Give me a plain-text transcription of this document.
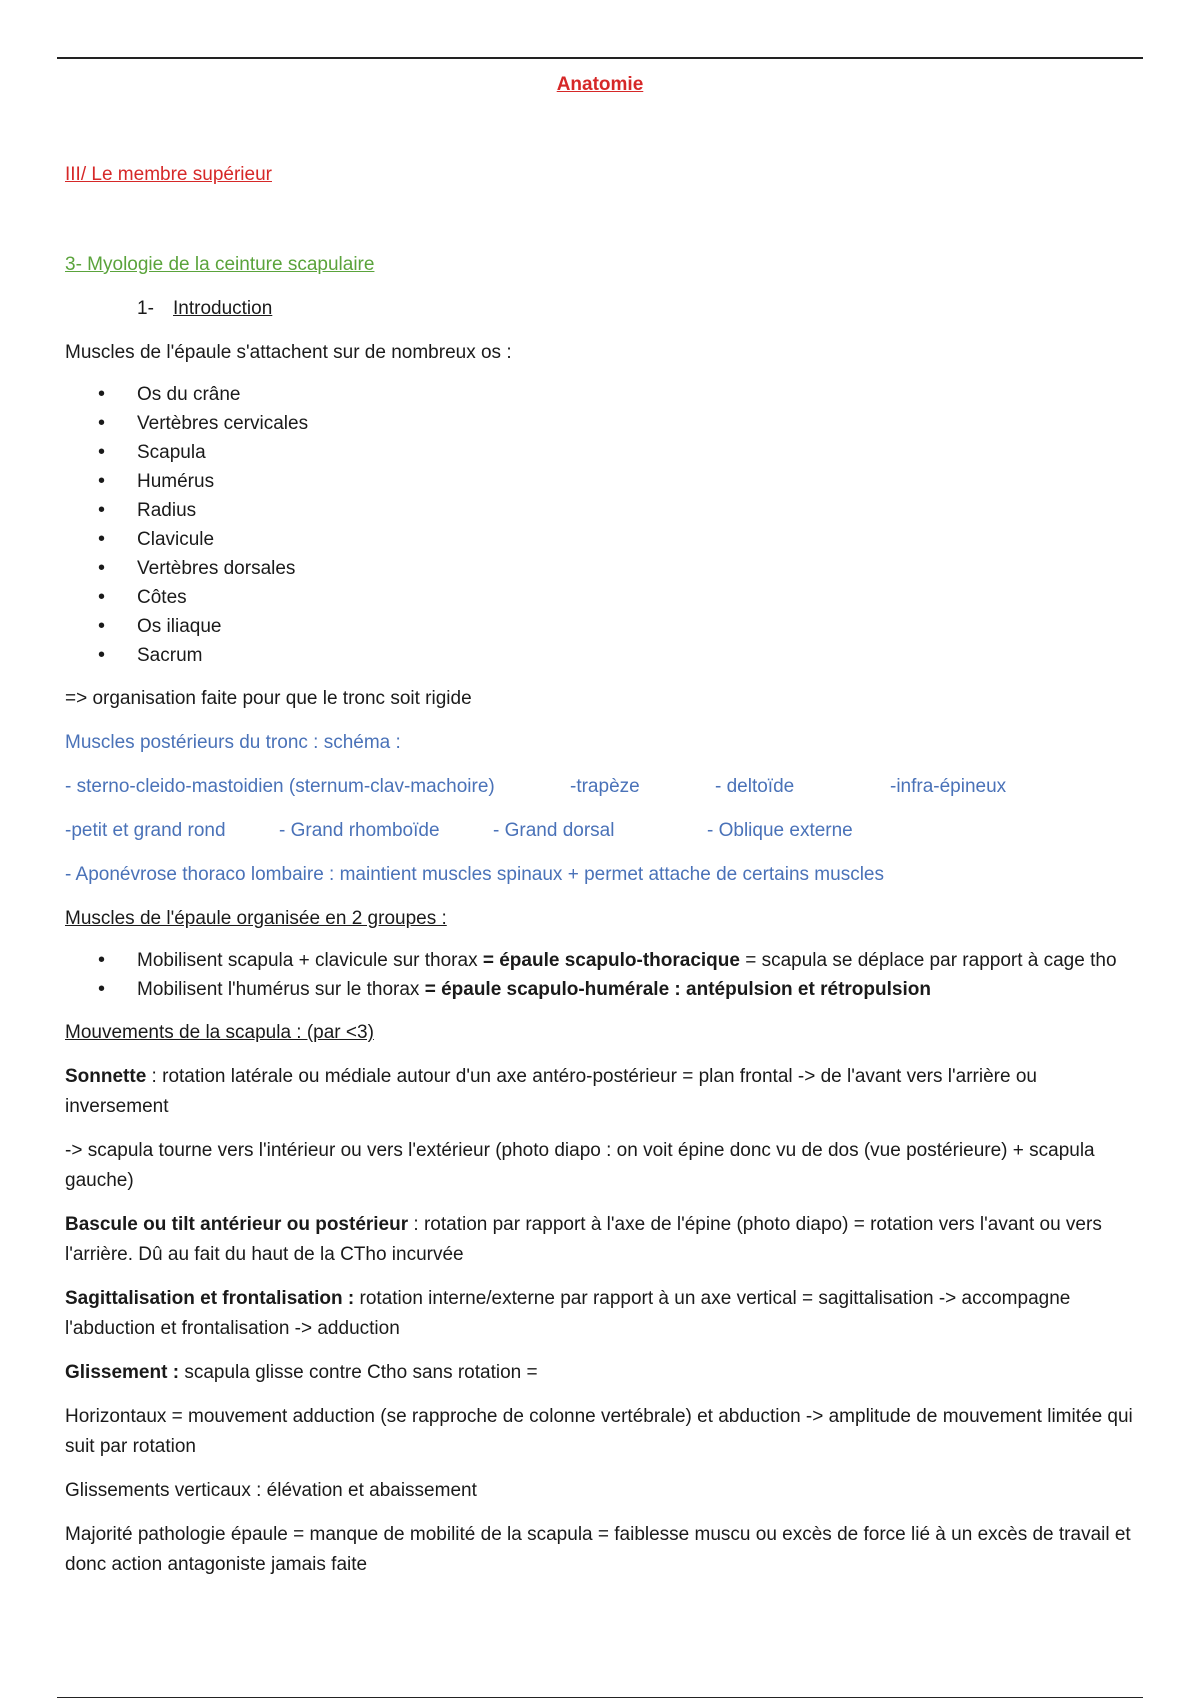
Anatomie
III/ Le membre supérieur
3- Myologie de la ceinture scapulaire
1- Introduction

Muscles de l'épaule s'attachent sur de nombreux os :

• Os du crâne
• Vertèbres cervicales
• Scapula
• Humérus
• Radius
• Clavicule
• Vertèbres dorsales
• Côtes
• Os iliaque
• Sacrum

=> organisation faite pour que le tronc soit rigide

Muscles postérieurs du tronc : schéma :

- sterno-cleido-mastoidien (sternum-clav-machoire)	-trapèze	- deltoïde	-infra-épineux
-petit et grand rond	- Grand rhomboïde	- Grand dorsal	- Oblique externe

- Aponévrose thoraco lombaire : maintient muscles spinaux + permet attache de certains muscles

Muscles de l'épaule organisée en 2 groupes :

• Mobilisent scapula + clavicule sur thorax = épaule scapulo-thoracique = scapula se déplace par rapport à cage tho
• Mobilisent l'humérus sur le thorax = épaule scapulo-humérale : antépulsion et rétropulsion

Mouvements de la scapula : (par <3)

Sonnette : rotation latérale ou médiale autour d'un axe antéro-postérieur = plan frontal -> de l'avant vers l'arrière ou inversement

-> scapula tourne vers l'intérieur ou vers l'extérieur (photo diapo : on voit épine donc vu de dos (vue postérieure) + scapula gauche)

Bascule ou tilt antérieur ou postérieur : rotation par rapport à l'axe de l'épine (photo diapo) = rotation vers l'avant ou vers l'arrière. Dû au fait du haut de la CTho incurvée

Sagittalisation et frontalisation : rotation interne/externe par rapport à un axe vertical = sagittalisation -> accompagne l'abduction et frontalisation -> adduction

Glissement : scapula glisse contre Ctho sans rotation =

Horizontaux = mouvement adduction (se rapproche de colonne vertébrale) et abduction -> amplitude de mouvement limitée qui suit par rotation

Glissements verticaux : élévation et abaissement

Majorité pathologie épaule = manque de mobilité de la scapula = faiblesse muscu ou excès de force lié à un excès de travail et donc action antagoniste jamais faite
